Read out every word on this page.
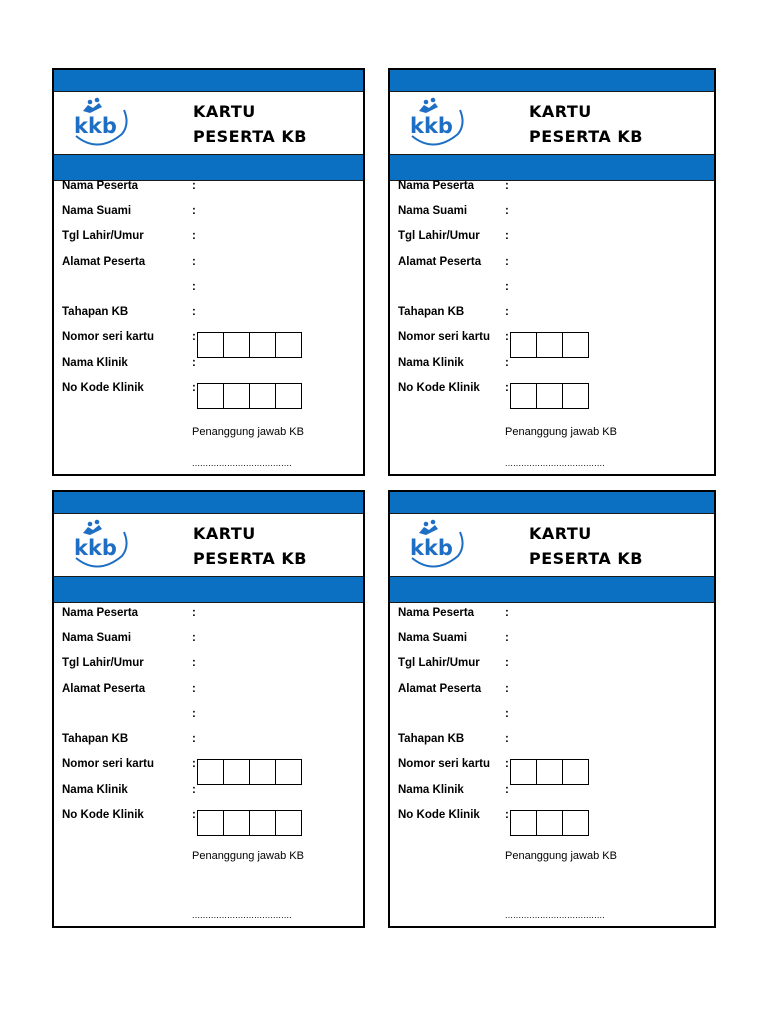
kkb
KARTU
PESERTA KB
Nama Peserta	:
Nama Suami	:
Tgl Lahir/Umur	:
Alamat Peserta	:
:
Tahapan KB	:
Nomor seri kartu	:
Nama Klinik	:
No Kode Klinik	:
Penanggung jawab KB
.....................................
kkb
KARTU
PESERTA KB
Nama Peserta	:
Nama Suami	:
Tgl Lahir/Umur :
Alamat Peserta :
:
Tahapan KB	:
Nomor seri kartu :
Nama Klinik	:
No Kode Klinik :
Penanggung jawab KB
.....................................
kkb
KARTU
PESERTA KB
Nama Peserta	:
Nama Suami	:
Tgl Lahir/Umur	:
Alamat Peserta	:
:
Tahapan KB	:
Nomor seri kartu	:
Nama Klinik	:
No Kode Klinik	:
Penanggung jawab KB
.....................................
kkb
KARTU
PESERTA KB
Nama Peserta	:
Nama Suami	:
Tgl Lahir/Umur :
Alamat Peserta :
:
Tahapan KB	:
Nomor seri kartu :
Nama Klinik	:
No Kode Klinik :
Penanggung jawab KB
.....................................
